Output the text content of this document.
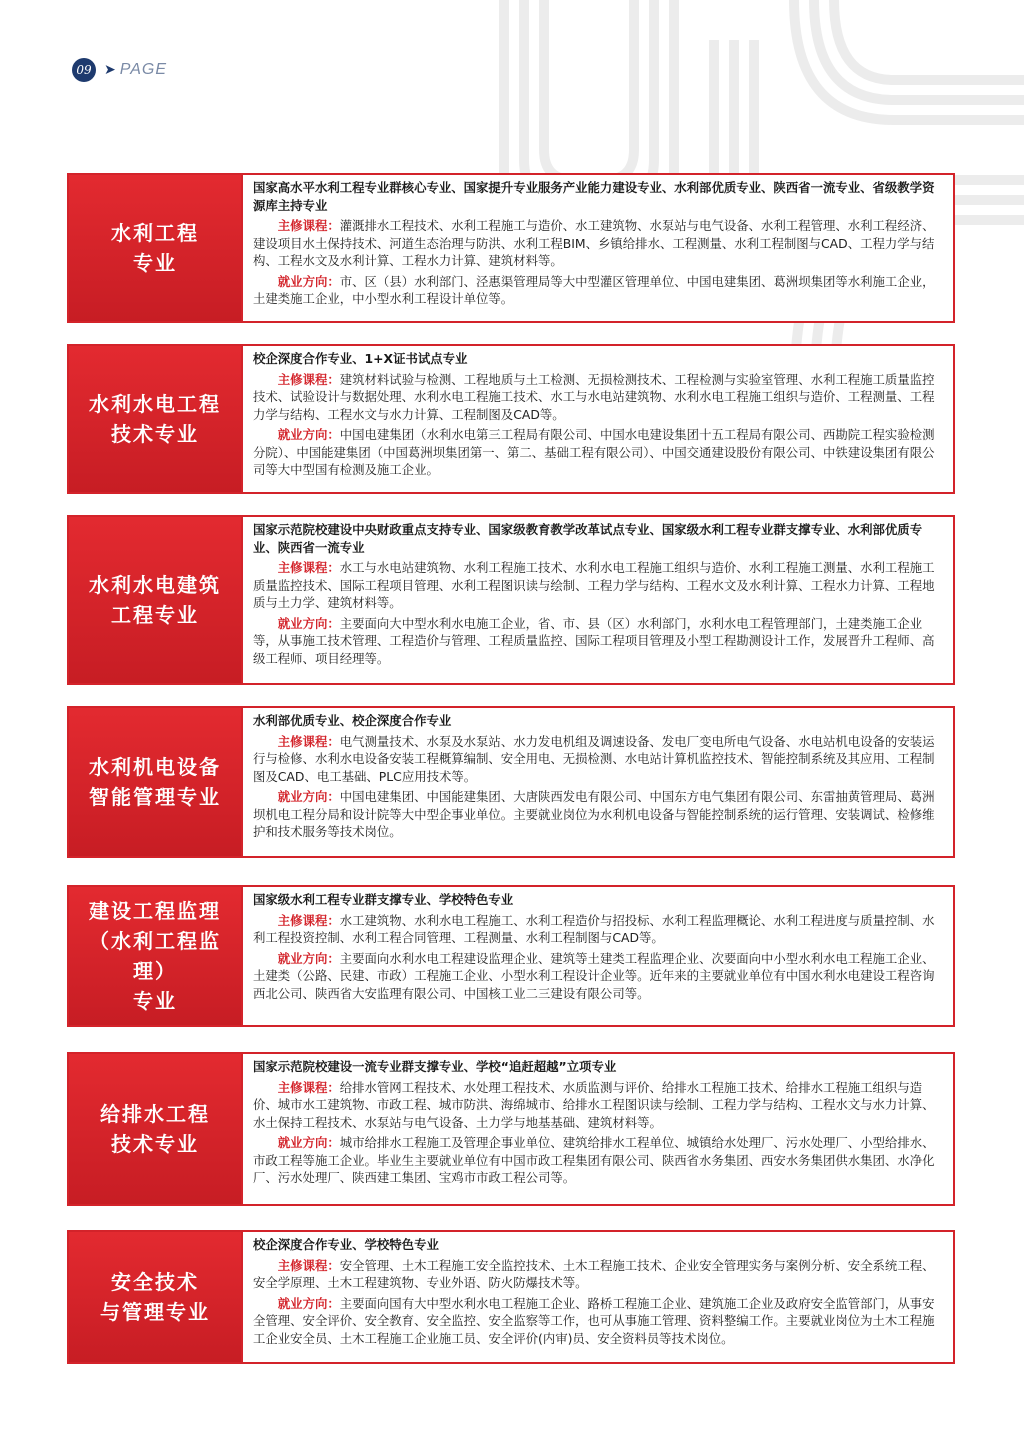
09 ➤ PAGE
水利工程
专业
国家高水平水利工程专业群核心专业、国家提升专业服务产业能力建设专业、水利部优质专业、陕西省一流专业、省级教学资源库主持专业
主修课程：灌溉排水工程技术、水利工程施工与造价、水工建筑物、水泵站与电气设备、水利工程管理、水利工程经济、建设项目水土保持技术、河道生态治理与防洪、水利工程BIM、乡镇给排水、工程测量、水利工程制图与CAD、工程力学与结构、工程水文及水利计算、工程水力计算、建筑材料等。
就业方向：市、区（县）水利部门、泾惠渠管理局等大中型灌区管理单位、中国电建集团、葛洲坝集团等水利施工企业，土建类施工企业，中小型水利工程设计单位等。
水利水电工程
技术专业
校企深度合作专业、1+X证书试点专业
主修课程：建筑材料试验与检测、工程地质与土工检测、无损检测技术、工程检测与实验室管理、水利工程施工质量监控技术、试验设计与数据处理、水利水电工程施工技术、水工与水电站建筑物、水利水电工程施工组织与造价、工程测量、工程力学与结构、工程水文与水力计算、工程制图及CAD等。
就业方向：中国电建集团（水利水电第三工程局有限公司、中国水电建设集团十五工程局有限公司、西勘院工程实验检测分院）、中国能建集团（中国葛洲坝集团第一、第二、基础工程有限公司）、中国交通建设股份有限公司、中铁建设集团有限公司等大中型国有检测及施工企业。
水利水电建筑
工程专业
国家示范院校建设中央财政重点支持专业、国家级教育教学改革试点专业、国家级水利工程专业群支撑专业、水利部优质专业、陕西省一流专业
主修课程：水工与水电站建筑物、水利工程施工技术、水利水电工程施工组织与造价、水利工程施工测量、水利工程施工质量监控技术、国际工程项目管理、水利工程图识读与绘制、工程力学与结构、工程水文及水利计算、工程水力计算、工程地质与土力学、建筑材料等。
就业方向：主要面向大中型水利水电施工企业，省、市、县（区）水利部门，水利水电工程管理部门，土建类施工企业等，从事施工技术管理、工程造价与管理、工程质量监控、国际工程项目管理及小型工程勘测设计工作，发展晋升工程师、高级工程师、项目经理等。
水利机电设备
智能管理专业
水利部优质专业、校企深度合作专业
主修课程：电气测量技术、水泵及水泵站、水力发电机组及调速设备、发电厂变电所电气设备、水电站机电设备的安装运行与检修、水利水电设备安装工程概算编制、安全用电、无损检测、水电站计算机监控技术、智能控制系统及其应用、工程制图及CAD、电工基础、PLC应用技术等。
就业方向：中国电建集团、中国能建集团、大唐陕西发电有限公司、中国东方电气集团有限公司、东雷抽黄管理局、葛洲坝机电工程分局和设计院等大中型企事业单位。主要就业岗位为水利机电设备与智能控制系统的运行管理、安装调试、检修维护和技术服务等技术岗位。
建设工程监理
（水利工程监理）
专业
国家级水利工程专业群支撑专业、学校特色专业
主修课程：水工建筑物、水利水电工程施工、水利工程造价与招投标、水利工程监理概论、水利工程进度与质量控制、水利工程投资控制、水利工程合同管理、工程测量、水利工程制图与CAD等。
就业方向：主要面向水利水电工程建设监理企业、建筑等土建类工程监理企业、次要面向中小型水利水电工程施工企业、土建类（公路、民建、市政）工程施工企业、小型水利工程设计企业等。近年来的主要就业单位有中国水利水电建设工程咨询西北公司、陕西省大安监理有限公司、中国核工业二三建设有限公司等。
给排水工程
技术专业
国家示范院校建设一流专业群支撑专业、学校“追赶超越”立项专业
主修课程：给排水管网工程技术、水处理工程技术、水质监测与评价、给排水工程施工技术、给排水工程施工组织与造价、城市水工建筑物、市政工程、城市防洪、海绵城市、给排水工程图识读与绘制、工程力学与结构、工程水文与水力计算、水土保持工程技术、水泵站与电气设备、土力学与地基基础、建筑材料等。
就业方向：城市给排水工程施工及管理企事业单位、建筑给排水工程单位、城镇给水处理厂、污水处理厂、小型给排水、市政工程等施工企业。毕业生主要就业单位有中国市政工程集团有限公司、陕西省水务集团、西安水务集团供水集团、水净化厂、污水处理厂、陕西建工集团、宝鸡市市政工程公司等。
安全技术
与管理专业
校企深度合作专业、学校特色专业
主修课程：安全管理、土木工程施工安全监控技术、土木工程施工技术、企业安全管理实务与案例分析、安全系统工程、安全学原理、土木工程建筑物、专业外语、防火防爆技术等。
就业方向：主要面向国有大中型水利水电工程施工企业、路桥工程施工企业、建筑施工企业及政府安全监管部门，从事安全管理、安全评价、安全教育、安全监控、安全监察等工作，也可从事施工管理、资料整编工作。主要就业岗位为土木工程施工企业安全员、土木工程施工企业施工员、安全评价(内审)员、安全资料员等技术岗位。
